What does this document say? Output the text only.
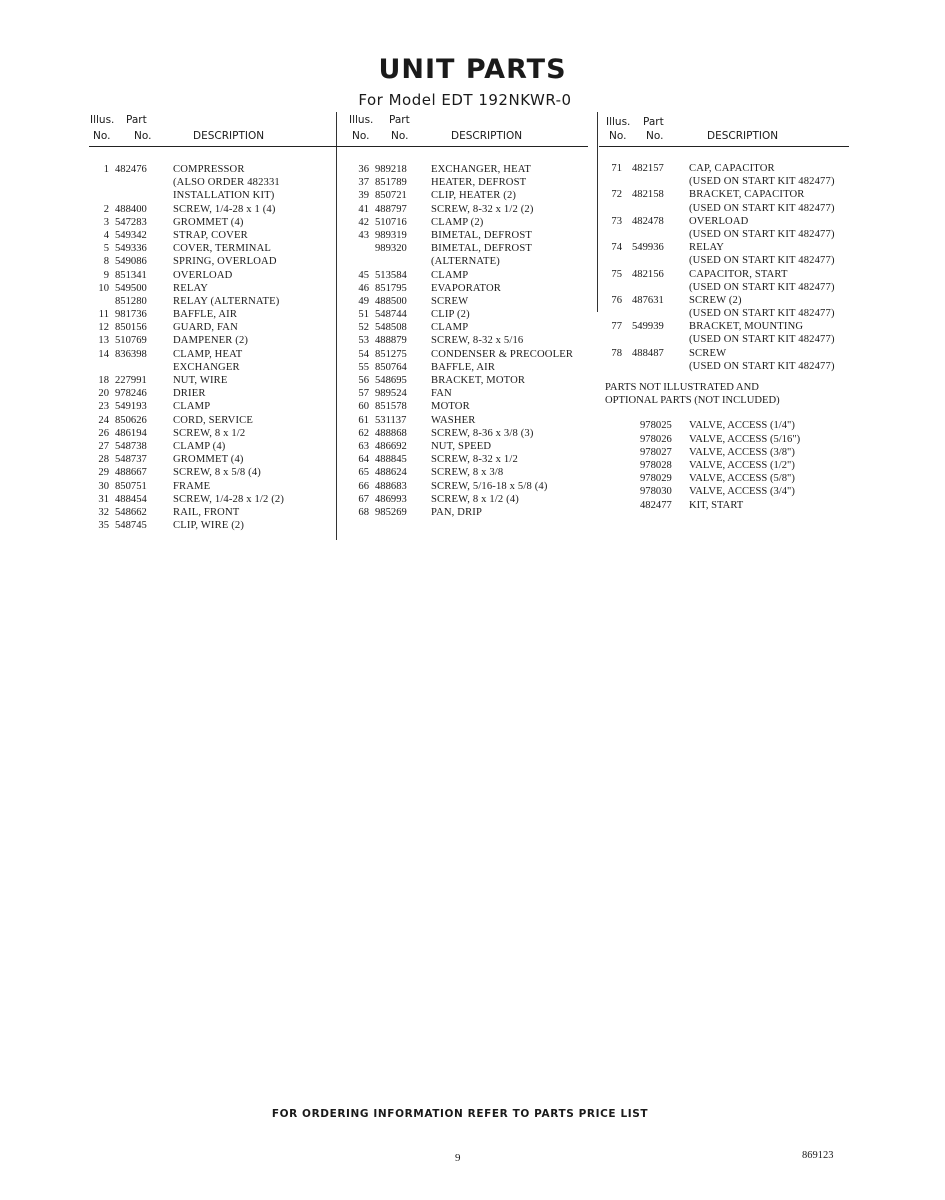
UNIT PARTS
For Model EDT 192NKWR-0
Illus. Part
No. No.	DESCRIPTION
1 482476 COMPRESSOR
(ALSO ORDER 482331
INSTALLATION KIT)
2 488400 SCREW, 1/4-28 x 1 (4)
3 547283 GROMMET (4)
4 549342 STRAP, COVER
5 549336 COVER, TERMINAL
8 549086 SPRING, OVERLOAD
9 851341 OVERLOAD
10 549500 RELAY
851280 RELAY (ALTERNATE)
11 981736 BAFFLE, AIR
12 850156 GUARD, FAN
13 510769 DAMPENER (2)
14 836398 CLAMP, HEAT
EXCHANGER
18 227991 NUT, WIRE
20 978246 DRIER
23 549193 CLAMP
24 850626 CORD, SERVICE
26 486194 SCREW, 8 x 1/2
27 548738 CLAMP (4)
28 548737 GROMMET (4)
29 488667 SCREW, 8 x 5/8 (4)
30 850751 FRAME
31 488454 SCREW, 1/4-28 x 1/2 (2)
32 548662 RAIL, FRONT
35 548745 CLIP, WIRE (2)
Illus. Part
No. No.	DESCRIPTION
36 989218 EXCHANGER, HEAT
37 851789 HEATER, DEFROST
39 850721 CLIP, HEATER (2)
41 488797 SCREW, 8-32 x 1/2 (2)
42 510716 CLAMP (2)
43 989319 BIMETAL, DEFROST
989320 BIMETAL, DEFROST
(ALTERNATE)
45 513584 CLAMP
46 851795 EVAPORATOR
49 488500 SCREW
51 548744 CLIP (2)
52 548508 CLAMP
53 488879 SCREW, 8-32 x 5/16
54 851275 CONDENSER & PRECOOLER
55 850764 BAFFLE, AIR
56 548695 BRACKET, MOTOR
57 989524 FAN
60 851578 MOTOR
61 531137 WASHER
62 488868 SCREW, 8-36 x 3/8 (3)
63 486692 NUT, SPEED
64 488845 SCREW, 8-32 x 1/2
65 488624 SCREW, 8 x 3/8
66 488683 SCREW, 5/16-18 x 5/8 (4)
67 486993 SCREW, 8 x 1/2 (4)
68 985269 PAN, DRIP
Illus. Part
No. No.	DESCRIPTION
71 482157 CAP, CAPACITOR
(USED ON START KIT 482477)
72 482158 BRACKET, CAPACITOR
(USED ON START KIT 482477)
73 482478 OVERLOAD
(USED ON START KIT 482477)
74 549936 RELAY
(USED ON START KIT 482477)
75 482156 CAPACITOR, START
(USED ON START KIT 482477)
76 487631 SCREW (2)
(USED ON START KIT 482477)
77 549939 BRACKET, MOUNTING
(USED ON START KIT 482477)
78 488487 SCREW
(USED ON START KIT 482477)
PARTS NOT ILLUSTRATED AND
OPTIONAL PARTS (NOT INCLUDED)
978025 VALVE, ACCESS (1/4")
978026 VALVE, ACCESS (5/16")
978027 VALVE, ACCESS (3/8")
978028 VALVE, ACCESS (1/2")
978029 VALVE, ACCESS (5/8")
978030 VALVE, ACCESS (3/4")
482477 KIT, START
FOR ORDERING INFORMATION REFER TO PARTS PRICE LIST
9	869123
